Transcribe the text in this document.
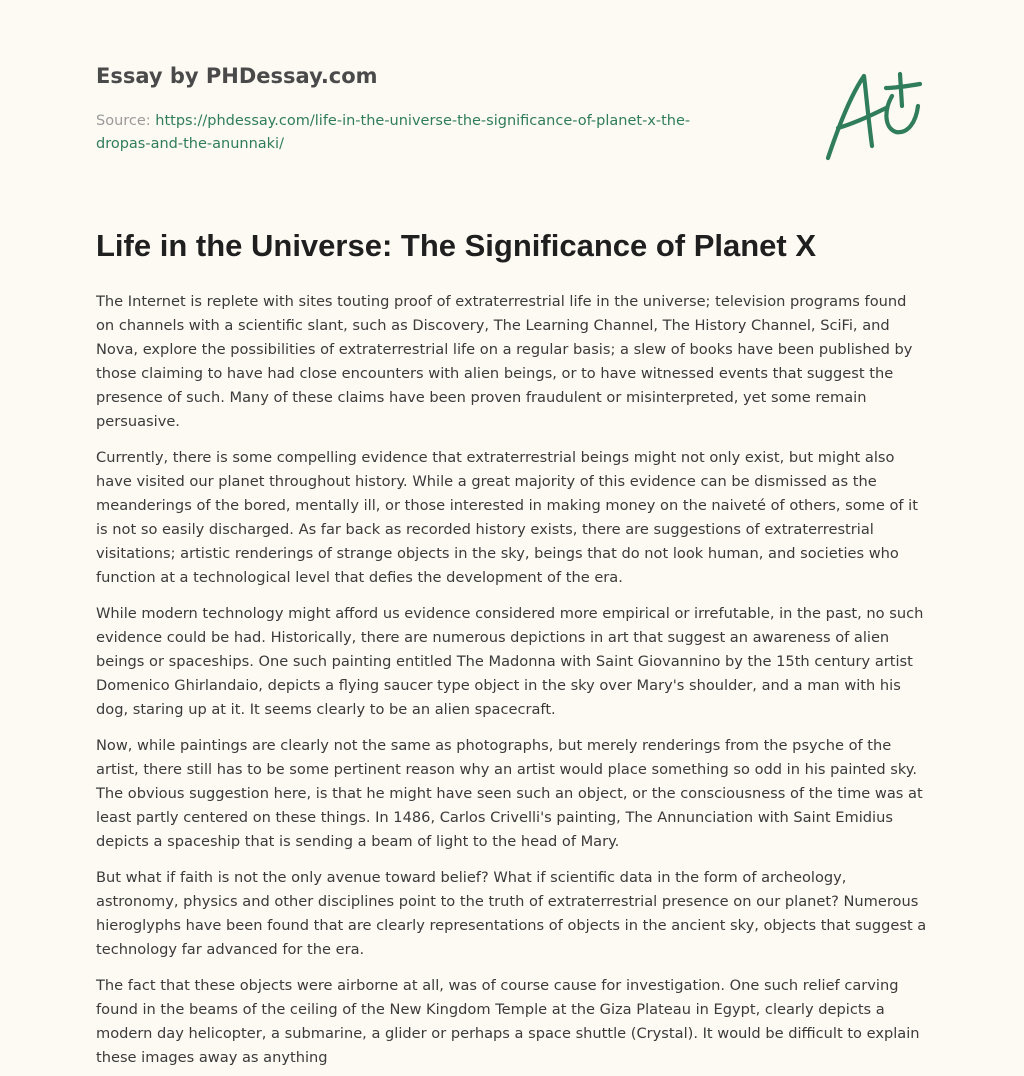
Essay by PHDessay.com
Source: https://phdessay.com/life-in-the-universe-the-significance-of-planet-x-the-dropas-and-the-anunnaki/
Life in the Universe: The Significance of Planet X

The Internet is replete with sites touting proof of extraterrestrial life in the universe; television programs found on channels with a scientific slant, such as Discovery, The Learning Channel, The History Channel, SciFi, and Nova, explore the possibilities of extraterrestrial life on a regular basis; a slew of books have been published by those claiming to have had close encounters with alien beings, or to have witnessed events that suggest the presence of such. Many of these claims have been proven fraudulent or misinterpreted, yet some remain persuasive.

Currently, there is some compelling evidence that extraterrestrial beings might not only exist, but might also have visited our planet throughout history. While a great majority of this evidence can be dismissed as the meanderings of the bored, mentally ill, or those interested in making money on the naiveté of others, some of it is not so easily discharged. As far back as recorded history exists, there are suggestions of extraterrestrial visitations; artistic renderings of strange objects in the sky, beings that do not look human, and societies who function at a technological level that defies the development of the era.

While modern technology might afford us evidence considered more empirical or irrefutable, in the past, no such evidence could be had. Historically, there are numerous depictions in art that suggest an awareness of alien beings or spaceships. One such painting entitled The Madonna with Saint Giovannino by the 15th century artist Domenico Ghirlandaio, depicts a flying saucer type object in the sky over Mary's shoulder, and a man with his dog, staring up at it. It seems clearly to be an alien spacecraft.

Now, while paintings are clearly not the same as photographs, but merely renderings from the psyche of the artist, there still has to be some pertinent reason why an artist would place something so odd in his painted sky. The obvious suggestion here, is that he might have seen such an object, or the consciousness of the time was at least partly centered on these things. In 1486, Carlos Crivelli's painting, The Annunciation with Saint Emidius depicts a spaceship that is sending a beam of light to the head of Mary.

But what if faith is not the only avenue toward belief? What if scientific data in the form of archeology, astronomy, physics and other disciplines point to the truth of extraterrestrial presence on our planet? Numerous hieroglyphs have been found that are clearly representations of objects in the ancient sky, objects that suggest a technology far advanced for the era.

The fact that these objects were airborne at all, was of course cause for investigation. One such relief carving found in the beams of the ceiling of the New Kingdom Temple at the Giza Plateau in Egypt, clearly depicts a modern day helicopter, a submarine, a glider or perhaps a space shuttle (Crystal). It would be difficult to explain these images away as anything
